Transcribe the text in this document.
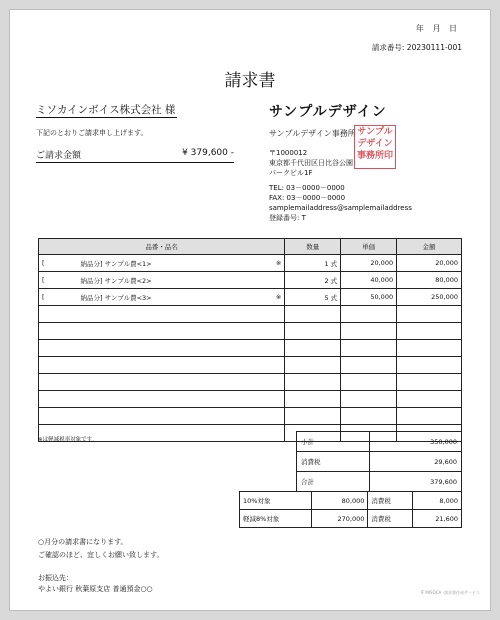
年 月 日
請求番号: 20230111-001
請求書
ミソカインボイス株式会社 様
下記のとおりご請求申し上げます。
ご請求金額	¥ 379,600 -
サンプルデザイン
サンプルデザイン事務所
〒1000012
東京都千代田区日比谷公園
パークビル1F
TEL: 03－0000－0000
FAX: 03－0000－0000
samplemailaddress@samplemailaddress
登録番号: T
サンプル
デザイン
事務所印
品番・品名	数量	単価	金額

[ 納品分] サンプル費<1> ※	1 式	20,000	20,000

[ 納品分] サンプル費<2>	2 式	40,000	80,000

[ 納品分] サンプル費<3> ※	5 式	50,000	250,000

※は軽減税率対象です。	小計	350,000
消費税	29,600
合計	379,600
10%対象	80,000	消費税	8,000
軽減8%対象	270,000	消費税	21,600
○月分の請求書になります。
ご確認のほど、宜しくお願い致します。
お振込先：
やよい銀行 秋葉原支店 普通預金○○	IF MISOCA -請求書作成サービス
